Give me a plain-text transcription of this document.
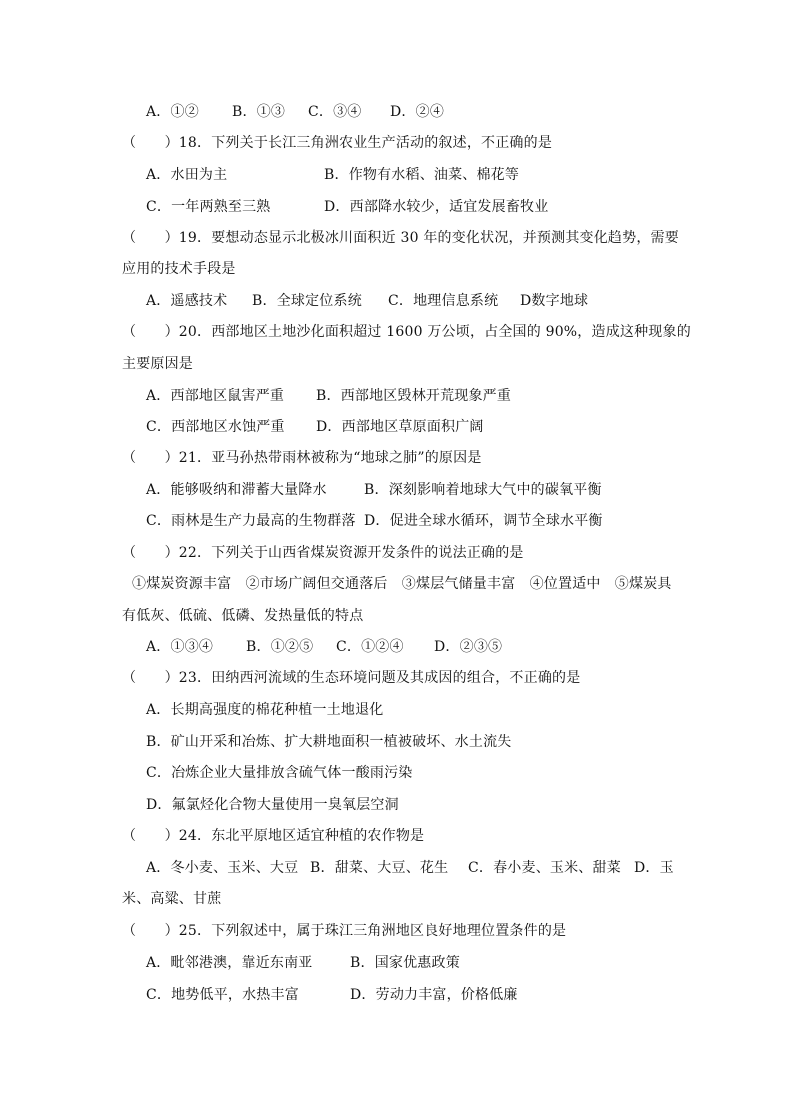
A．①② B．①③ C．③④ D．②④
（　　）18．下列关于长江三角洲农业生产活动的叙述，不正确的是
A．水田为主	B．作物有水稻、油菜、棉花等
C．一年两熟至三熟	D．西部降水较少，适宜发展畜牧业
（　　）19．要想动态显示北极冰川面积近 30 年的变化状况，并预测其变化趋势，需要
应用的技术手段是
A．遥感技术 B．全球定位系统 C．地理信息系统 D数字地球
（　　）20．西部地区土地沙化面积超过 1600 万公顷，占全国的 90%，造成这种现象的
主要原因是
A．西部地区鼠害严重 B．西部地区毁林开荒现象严重
C．西部地区水蚀严重 D．西部地区草原面积广阔
（　　）21．亚马孙热带雨林被称为“地球之肺”的原因是
A．能够吸纳和滞蓄大量降水	B．深刻影响着地球大气中的碳氧平衡
C．雨林是生产力最高的生物群落 D．促进全球水循环，调节全球水平衡
（　　）22．下列关于山西省煤炭资源开发条件的说法正确的是
①煤炭资源丰富　②市场广阔但交通落后　③煤层气储量丰富　④位置适中　⑤煤炭具
有低灰、低硫、低磷、发热量低的特点
A．①③④ B．①②⑤ C．①②④ D．②③⑤
（　　）23．田纳西河流域的生态环境问题及其成因的组合，不正确的是
A．长期高强度的棉花种植一土地退化
B．矿山开采和冶炼、扩大耕地面积一植被破坏、水土流失
C．冶炼企业大量排放含硫气体一酸雨污染
D．氟氯烃化合物大量使用一臭氧层空洞
（　　）24．东北平原地区适宜种植的农作物是
A．冬小麦、玉米、大豆 B．甜菜、大豆、花生 C．春小麦、玉米、甜菜 D．玉
米、高粱、甘蔗
（　　）25．下列叙述中，属于珠江三角洲地区良好地理位置条件的是
A．毗邻港澳，靠近东南亚	B．国家优惠政策
C．地势低平，水热丰富	D．劳动力丰富，价格低廉
